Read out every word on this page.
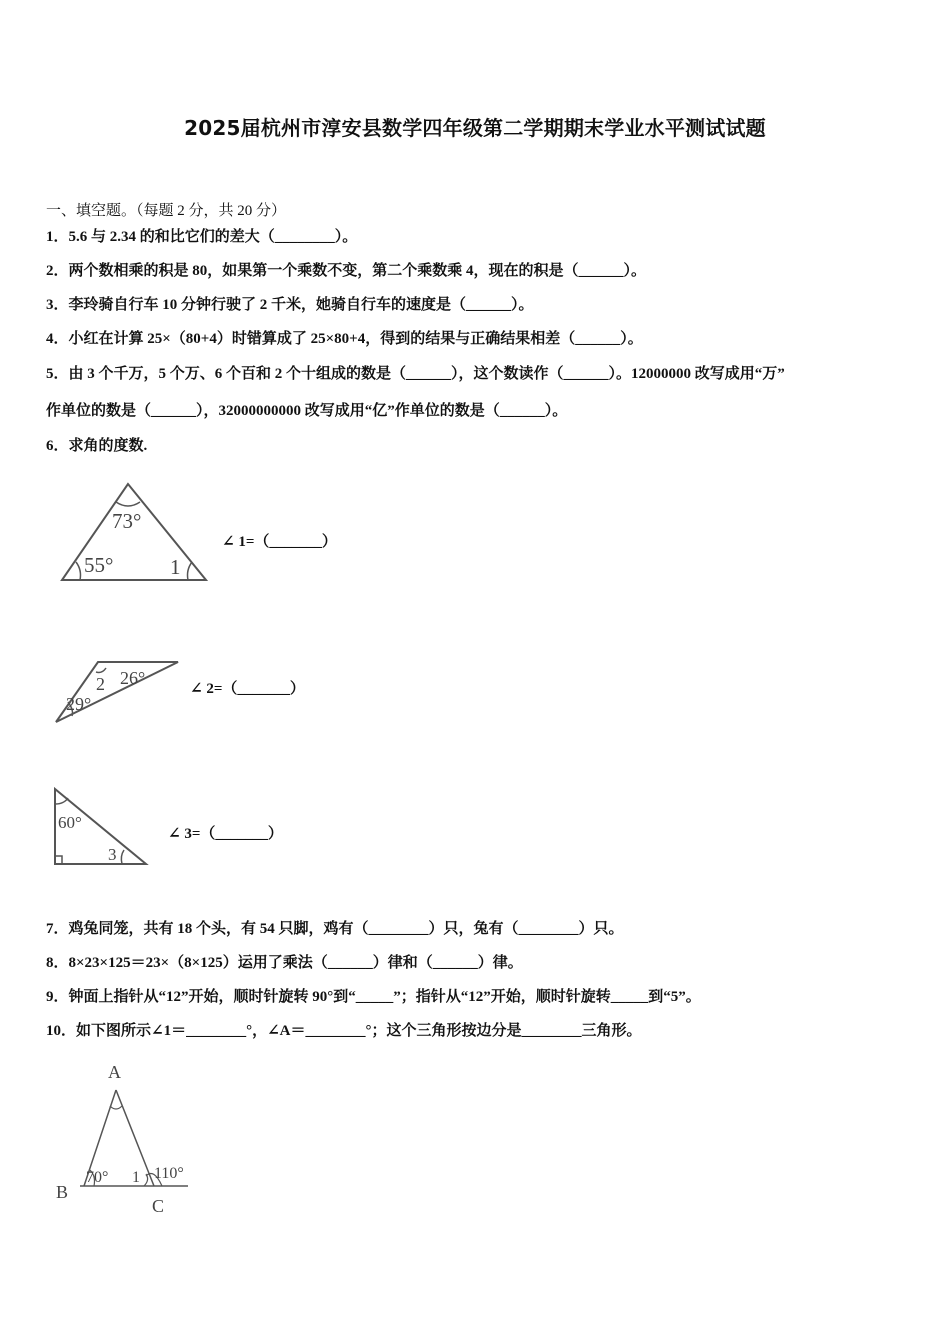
2025届杭州市淳安县数学四年级第二学期期末学业水平测试试题
一、填空题。（每题 2 分，共 20 分）
1．5.6 与 2.34 的和比它们的差大（________）。
2．两个数相乘的积是 80，如果第一个乘数不变，第二个乘数乘 4，现在的积是（______）。
3．李玲骑自行车 10 分钟行驶了 2 千米，她骑自行车的速度是（______）。
4．小红在计算 25×（80+4）时错算成了 25×80+4，得到的结果与正确结果相差（______）。
5．由 3 个千万，5 个万、6 个百和 2 个十组成的数是（______），这个数读作（______）。12000000 改写成用“万”
作单位的数是（______），32000000000 改写成用“亿”作单位的数是（______）。
6．求角的度数.
73°
55°	1
∠ 1=（_______）
29°
2 26°
∠ 2=（_______）
60°
3
∠ 3=（_______）
7．鸡兔同笼，共有 18 个头，有 54 只脚，鸡有（________）只，兔有（________）只。
8．8×23×125＝23×（8×125）运用了乘法（______）律和（______）律。
9．钟面上指针从“12”开始，顺时针旋转 90°到“_____”；指针从“12”开始，顺时针旋转_____到“5”。
10．如下图所示∠1＝________°，∠A＝________°；这个三角形按边分是________三角形。
A
B
C
70° 1 110°
